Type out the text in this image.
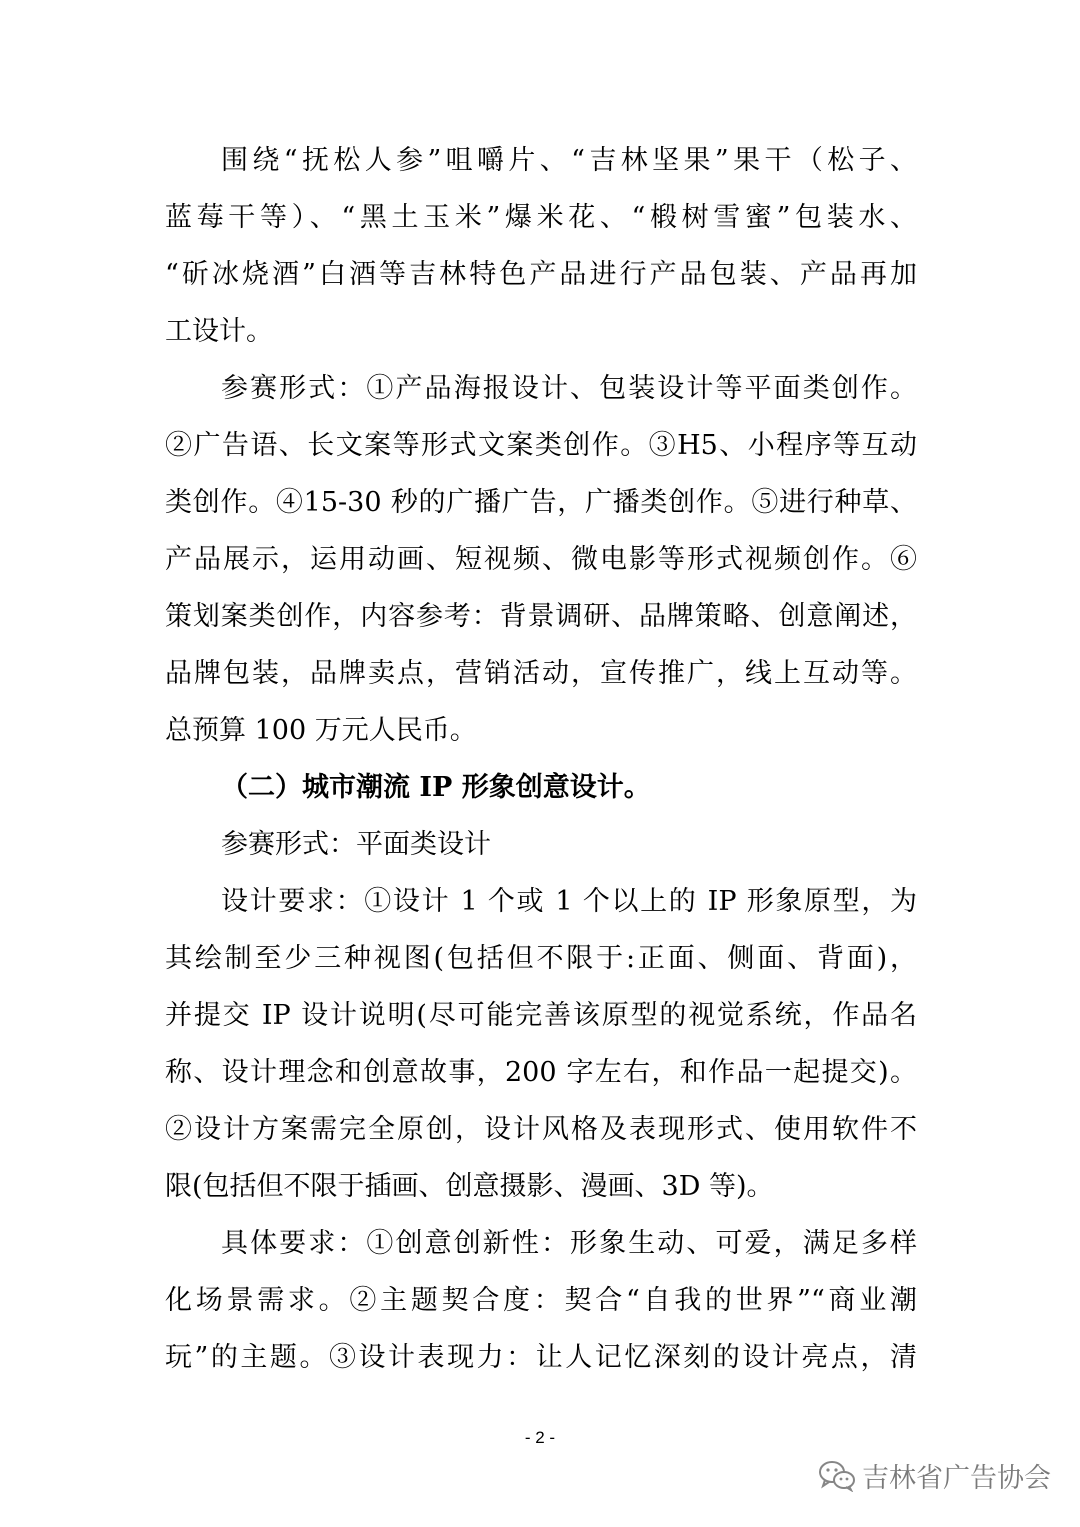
围绕“抚松人参”咀嚼片、“吉林坚果”果干（松子、
蓝莓干等）、“黑土玉米”爆米花、“椴树雪蜜”包装水、
“斫冰烧酒”白酒等吉林特色产品进行产品包装、产品再加
工设计。
参赛形式：①产品海报设计、包装设计等平面类创作。
②广告语、长文案等形式文案类创作。③H5、小程序等互动
类创作。④15-30 秒的广播广告，广播类创作。⑤进行种草、
产品展示，运用动画、短视频、微电影等形式视频创作。⑥
策划案类创作，内容参考：背景调研、品牌策略、创意阐述，
品牌包装，品牌卖点，营销活动，宣传推广，线上互动等。
总预算 100 万元人民币。
（二）城市潮流 IP 形象创意设计。
参赛形式：平面类设计
设计要求：①设计 1 个或 1 个以上的 IP 形象原型，为
其绘制至少三种视图(包括但不限于:正面、侧面、背面)，
并提交 IP 设计说明(尽可能完善该原型的视觉系统，作品名
称、设计理念和创意故事，200 字左右，和作品一起提交)。
②设计方案需完全原创，设计风格及表现形式、使用软件不
限(包括但不限于插画、创意摄影、漫画、3D 等)。
具体要求：①创意创新性：形象生动、可爱，满足多样
化场景需求。②主题契合度：契合“自我的世界”“商业潮
玩”的主题。③设计表现力：让人记忆深刻的设计亮点，清
- 2 -
吉林省广告协会
